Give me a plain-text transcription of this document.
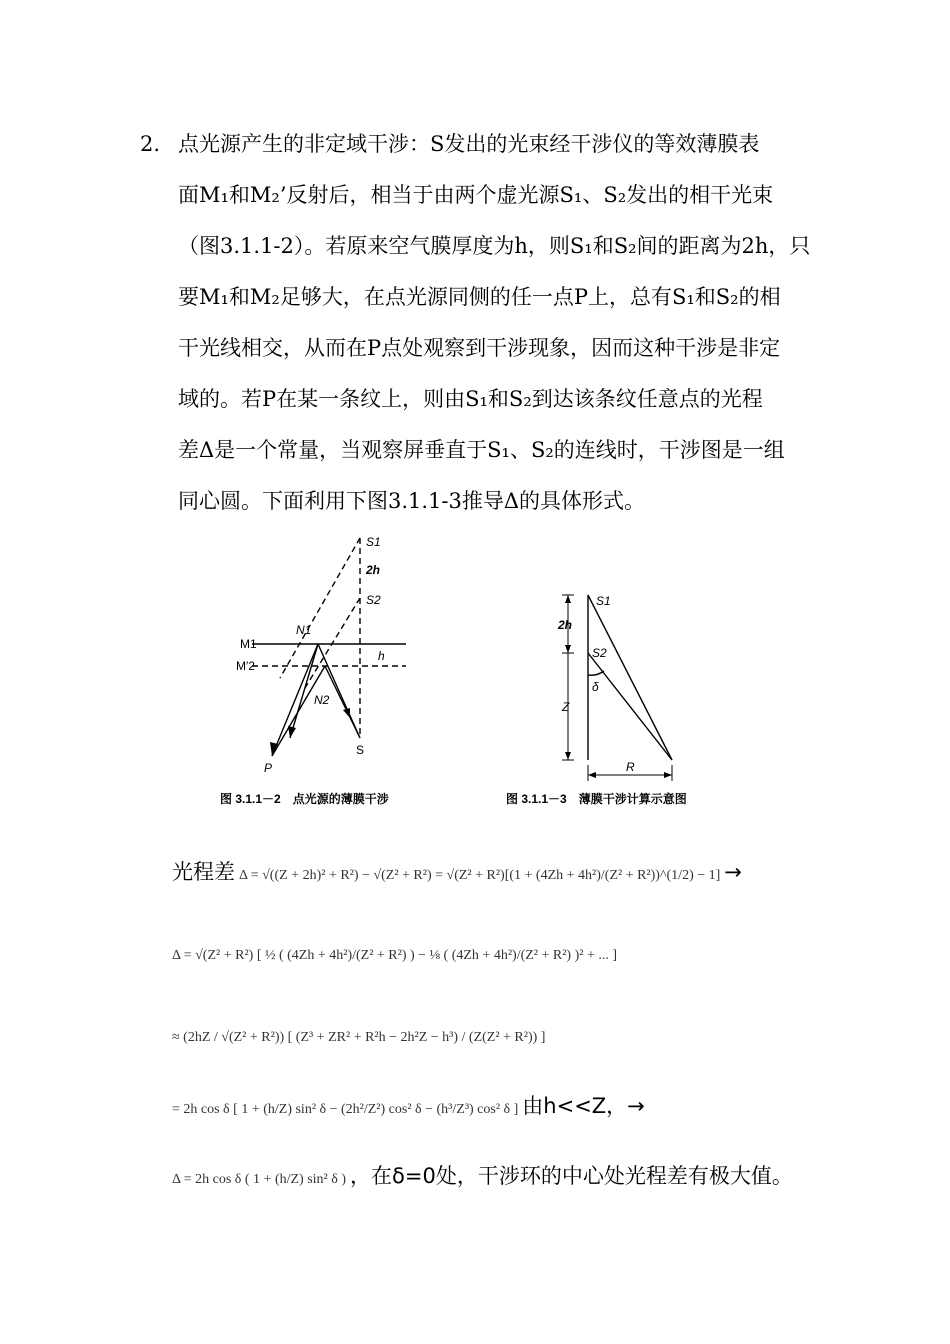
2. 点光源产生的非定域干涉：S发出的光束经干涉仪的等效薄膜表
面M₁和M₂’反射后，相当于由两个虚光源S₁、S₂发出的相干光束
（图3.1.1-2）。若原来空气膜厚度为h，则S₁和S₂间的距离为2h，只
要M₁和M₂足够大，在点光源同侧的任一点P上，总有S₁和S₂的相
干光线相交，从而在P点处观察到干涉现象，因而这种干涉是非定
域的。若P在某一条纹上，则由S₁和S₂到达该条纹任意点的光程
差Δ是一个常量，当观察屏垂直于S₁、S₂的连线时，干涉图是一组
同心圆。下面利用下图3.1.1-3推导Δ的具体形式。
S1
2h
S2
N1
M1
M′2
h
N2
S
P
图 3.1.1－2　点光源的薄膜干涉
S1
2h
S2
δ
Z
R
图 3.1.1－3　薄膜干涉计算示意图
光程差 Δ = √((Z + 2h)² + R²) − √(Z² + R²) = √(Z² + R²)[(1 + (4Zh + 4h²)/(Z² + R²))^(1/2) − 1] →
Δ = √(Z² + R²) [ ½ ( (4Zh + 4h²)/(Z² + R²) ) − ⅛ ( (4Zh + 4h²)/(Z² + R²) )² + ... ]
≈ (2hZ / √(Z² + R²)) [ (Z³ + ZR² + R²h − 2h²Z − h³) / (Z(Z² + R²)) ]
= 2h cos δ [ 1 + (h/Z) sin² δ − (2h²/Z²) cos² δ − (h³/Z³) cos² δ ] 由h<<Z，→
Δ = 2h cos δ ( 1 + (h/Z) sin² δ ) ，在δ=0处，干涉环的中心处光程差有极大值。
